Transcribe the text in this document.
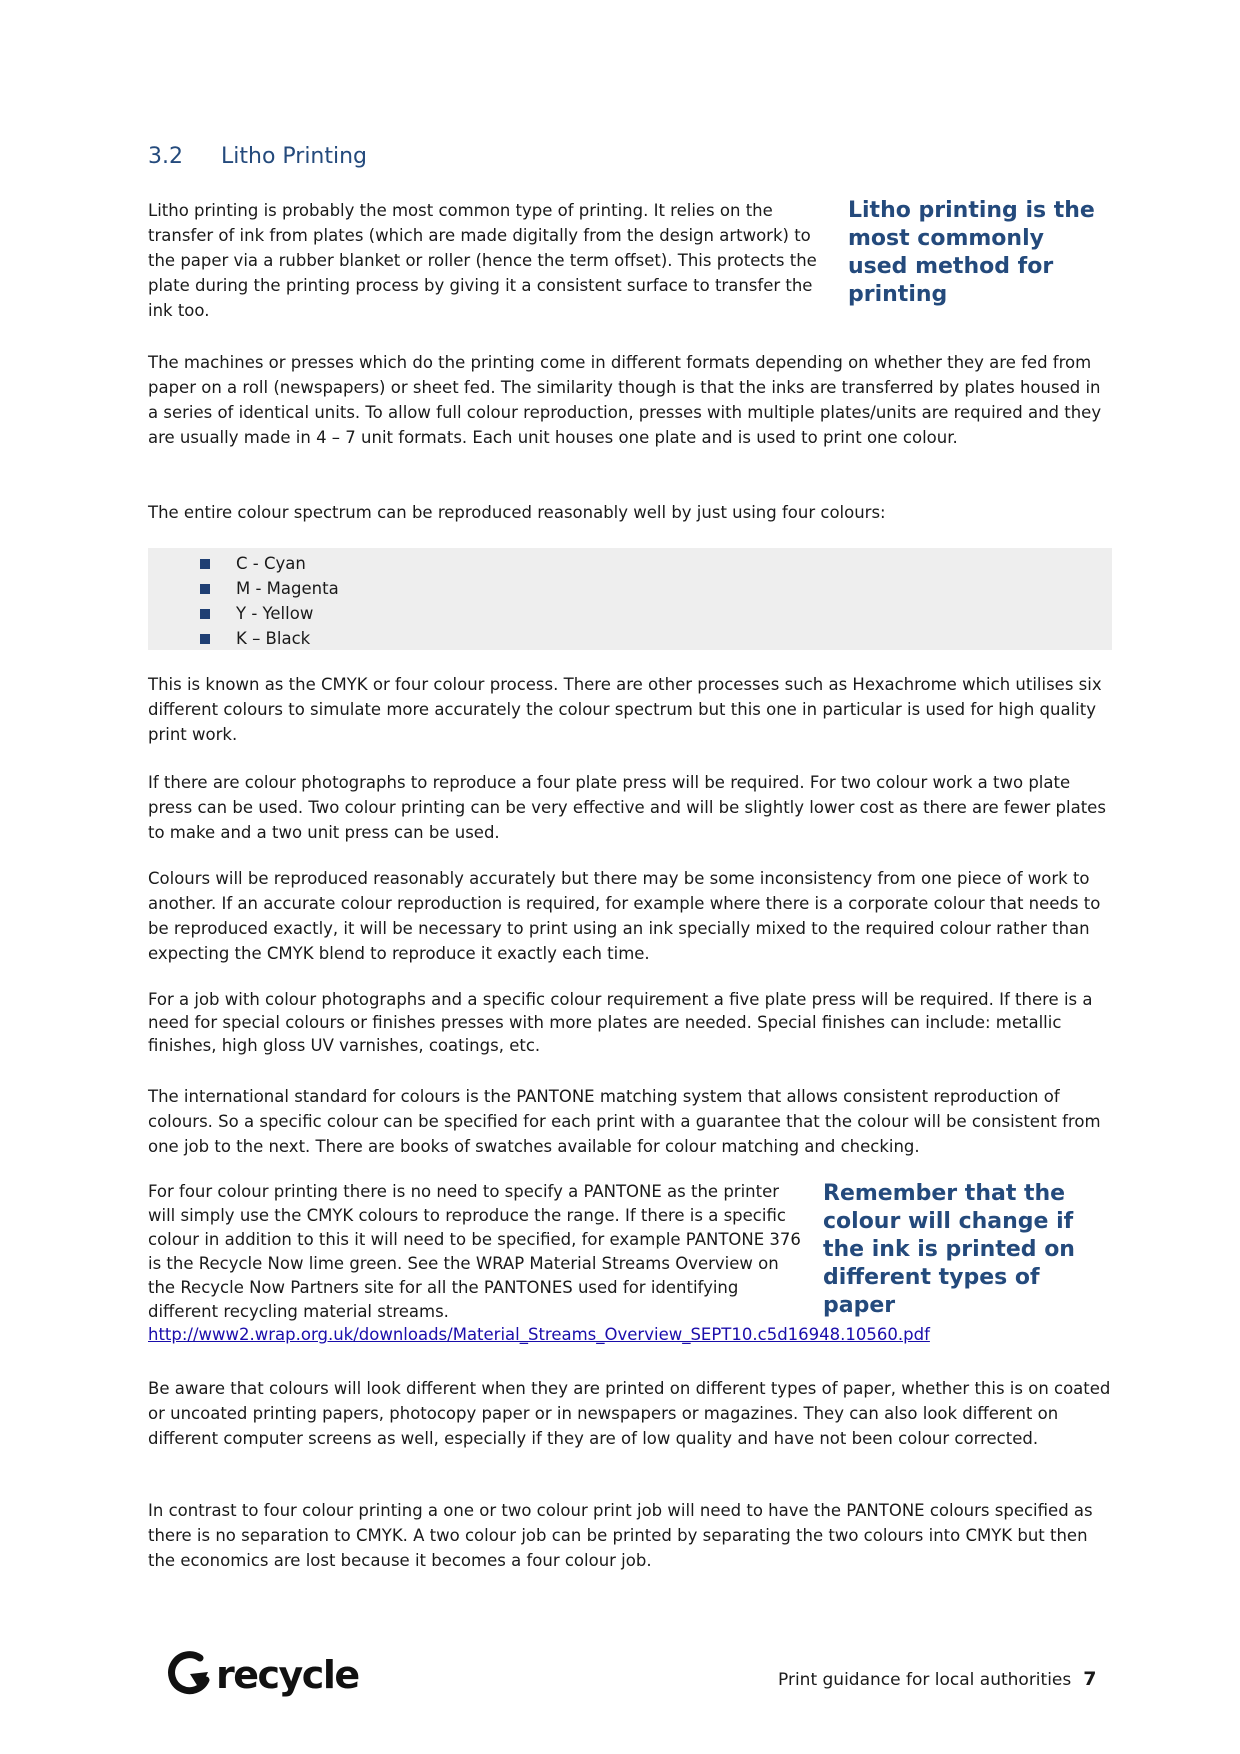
3.2 Litho Printing

Litho printing is probably the most common type of printing. It relies on the transfer of ink from plates (which are made digitally from the design artwork) to the paper via a rubber blanket or roller (hence the term offset). This protects the plate during the printing process by giving it a consistent surface to transfer the ink too.

Litho printing is the most commonly used method for printing

The machines or presses which do the printing come in different formats depending on whether they are fed from paper on a roll (newspapers) or sheet fed. The similarity though is that the inks are transferred by plates housed in a series of identical units. To allow full colour reproduction, presses with multiple plates/units are required and they are usually made in 4 – 7 unit formats. Each unit houses one plate and is used to print one colour.

The entire colour spectrum can be reproduced reasonably well by just using four colours:

C - Cyan
M - Magenta
Y - Yellow
K – Black

This is known as the CMYK or four colour process. There are other processes such as Hexachrome which utilises six different colours to simulate more accurately the colour spectrum but this one in particular is used for high quality print work.

If there are colour photographs to reproduce a four plate press will be required. For two colour work a two plate press can be used. Two colour printing can be very effective and will be slightly lower cost as there are fewer plates to make and a two unit press can be used.

Colours will be reproduced reasonably accurately but there may be some inconsistency from one piece of work to another. If an accurate colour reproduction is required, for example where there is a corporate colour that needs to be reproduced exactly, it will be necessary to print using an ink specially mixed to the required colour rather than expecting the CMYK blend to reproduce it exactly each time.

For a job with colour photographs and a specific colour requirement a five plate press will be required. If there is a need for special colours or finishes presses with more plates are needed. Special finishes can include: metallic finishes, high gloss UV varnishes, coatings, etc.

The international standard for colours is the PANTONE matching system that allows consistent reproduction of colours. So a specific colour can be specified for each print with a guarantee that the colour will be consistent from one job to the next. There are books of swatches available for colour matching and checking.

For four colour printing there is no need to specify a PANTONE as the printer will simply use the CMYK colours to reproduce the range. If there is a specific colour in addition to this it will need to be specified, for example PANTONE 376 is the Recycle Now lime green. See the WRAP Material Streams Overview on the Recycle Now Partners site for all the PANTONES used for identifying different recycling material streams.

http://www2.wrap.org.uk/downloads/Material_Streams_Overview_SEPT10.c5d16948.10560.pdf

Remember that the colour will change if the ink is printed on different types of paper

Be aware that colours will look different when they are printed on different types of paper, whether this is on coated or uncoated printing papers, photocopy paper or in newspapers or magazines. They can also look different on different computer screens as well, especially if they are of low quality and have not been colour corrected.

In contrast to four colour printing a one or two colour print job will need to have the PANTONE colours specified as there is no separation to CMYK. A two colour job can be printed by separating the two colours into CMYK but then the economics are lost because it becomes a four colour job.

recycle	Print guidance for local authorities 7
